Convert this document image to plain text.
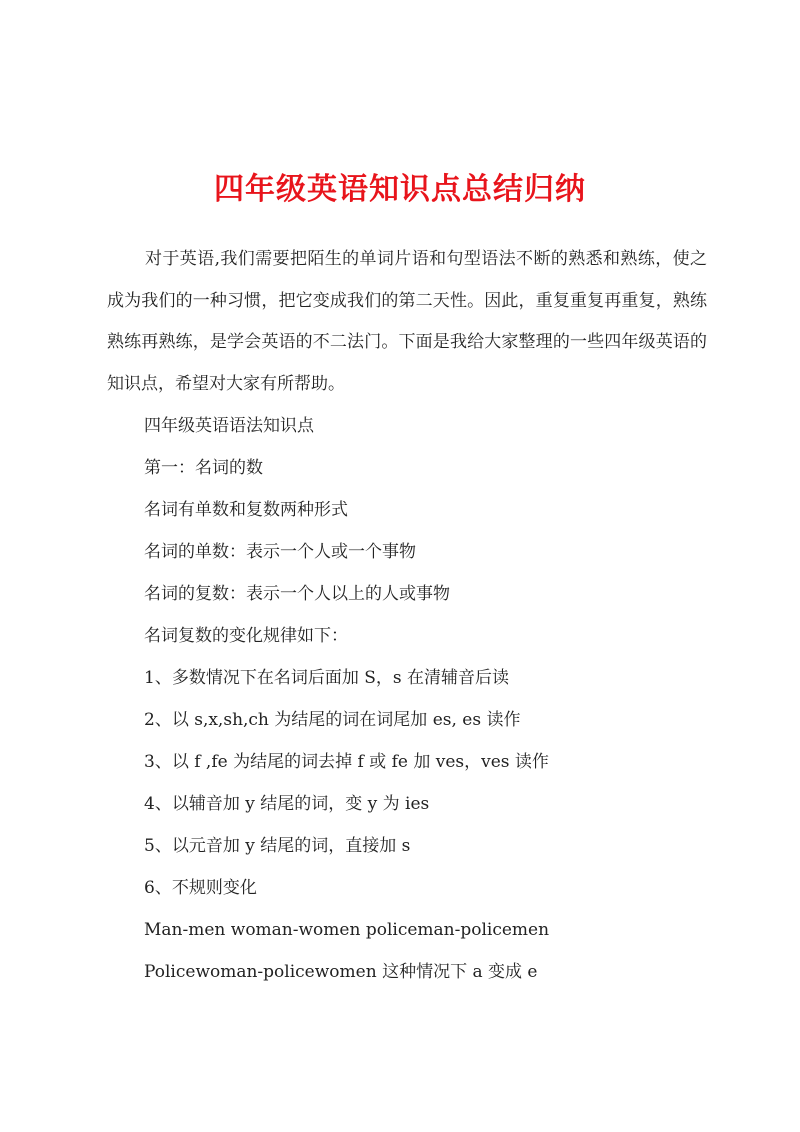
四年级英语知识点总结归纳

对于英语,我们需要把陌生的单词片语和句型语法不断的熟悉和熟练，使之成为我们的一种习惯，把它变成我们的第二天性。因此，重复重复再重复，熟练熟练再熟练，是学会英语的不二法门。下面是我给大家整理的一些四年级英语的知识点，希望对大家有所帮助。

四年级英语语法知识点

第一：名词的数

名词有单数和复数两种形式

名词的单数：表示一个人或一个事物

名词的复数：表示一个人以上的人或事物

名词复数的变化规律如下：

1、多数情况下在名词后面加 S，s 在清辅音后读

2、以 s,x,sh,ch 为结尾的词在词尾加 es, es 读作

3、以 f ,fe 为结尾的词去掉 f 或 fe 加 ves，ves 读作

4、以辅音加 y 结尾的词，变 y 为 ies

5、以元音加 y 结尾的词，直接加 s

6、不规则变化

Man-men woman-women policeman-policemen

Policewoman-policewomen 这种情况下 a 变成 e
